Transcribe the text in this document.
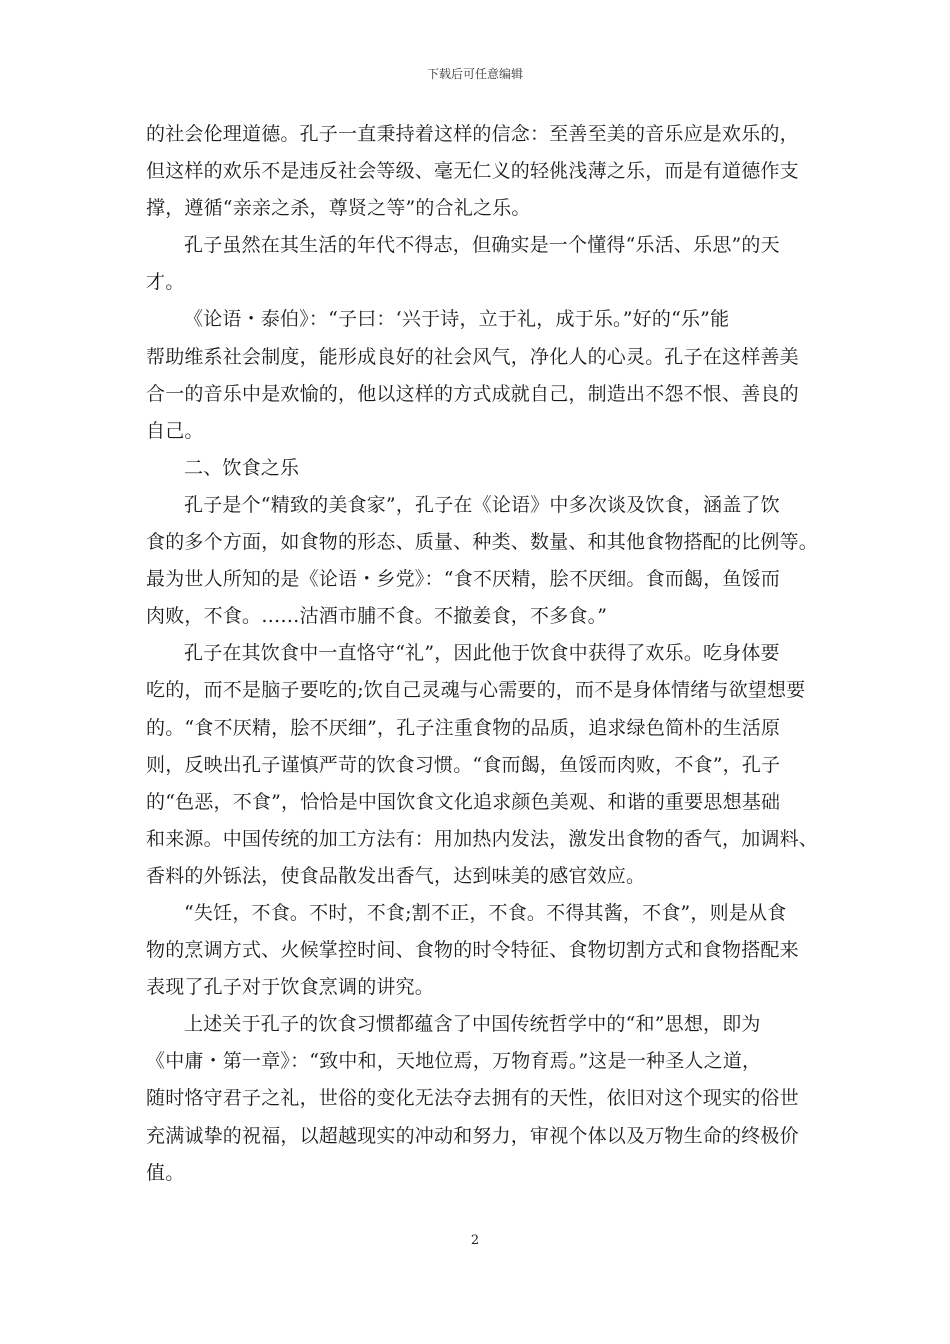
下载后可任意编辑
的社会伦理道德。孔子一直秉持着这样的信念：至善至美的音乐应是欢乐的，
但这样的欢乐不是违反社会等级、毫无仁义的轻佻浅薄之乐，而是有道德作支
撑，遵循“亲亲之杀，尊贤之等”的合礼之乐。
孔子虽然在其生活的年代不得志，但确实是一个懂得“乐活、乐思”的天
才。
《论语・泰伯》：“子曰：‘兴于诗，立于礼，成于乐。”好的“乐”能
帮助维系社会制度，能形成良好的社会风气，净化人的心灵。孔子在这样善美
合一的音乐中是欢愉的，他以这样的方式成就自己，制造出不怨不恨、善良的
自己。
二、饮食之乐
孔子是个“精致的美食家”，孔子在《论语》中多次谈及饮食，涵盖了饮
食的多个方面，如食物的形态、质量、种类、数量、和其他食物搭配的比例等。
最为世人所知的是《论语・乡党》：“食不厌精，脍不厌细。食而餲，鱼馁而
肉败，不食。……沽酒市脯不食。不撤姜食，不多食。”
孔子在其饮食中一直恪守“礼”，因此他于饮食中获得了欢乐。吃身体要
吃的，而不是脑子要吃的;饮自己灵魂与心需要的，而不是身体情绪与欲望想要
的。“食不厌精，脍不厌细”，孔子注重食物的品质，追求绿色简朴的生活原
则，反映出孔子谨慎严苛的饮食习惯。“食而餲，鱼馁而肉败，不食”，孔子
的“色恶，不食”，恰恰是中国饮食文化追求颜色美观、和谐的重要思想基础
和来源。中国传统的加工方法有：用加热内发法，激发出食物的香气，加调料、
香料的外铄法，使食品散发出香气，达到味美的感官效应。
“失饪，不食。不时，不食;割不正，不食。不得其酱，不食”，则是从食
物的烹调方式、火候掌控时间、食物的时令特征、食物切割方式和食物搭配来
表现了孔子对于饮食烹调的讲究。
上述关于孔子的饮食习惯都蕴含了中国传统哲学中的“和”思想，即为
《中庸・第一章》：“致中和，天地位焉，万物育焉。”这是一种圣人之道，
随时恪守君子之礼，世俗的变化无法夺去拥有的天性，依旧对这个现实的俗世
充满诚挚的祝福，以超越现实的冲动和努力，审视个体以及万物生命的终极价
值。
2
